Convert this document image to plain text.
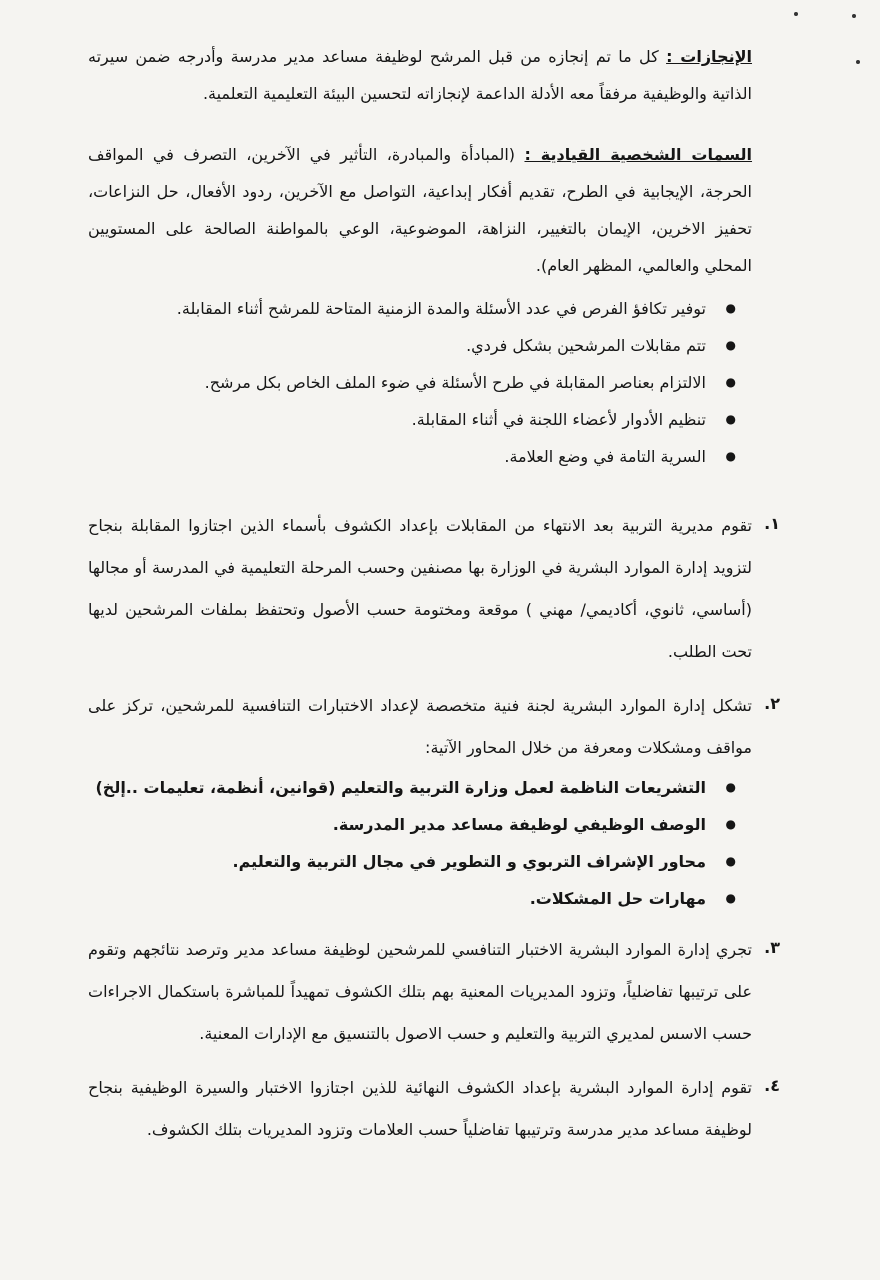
الإنجازات : كل ما تم إنجازه من قبل المرشح لوظيفة مساعد مدير مدرسة وأدرجه ضمن سيرته الذاتية والوظيفية مرفقاً معه الأدلة الداعمة لإنجازاته لتحسين البيئة التعليمية التعلمية.

السمات الشخصية القيادية : (المبادأة والمبادرة، التأثير في الآخرين، التصرف في المواقف الحرجة، الإيجابية في الطرح، تقديم أفكار إبداعية، التواصل مع الآخرين، ردود الأفعال، حل النزاعات، تحفيز الاخرين، الإيمان بالتغيير، النزاهة، الموضوعية، الوعي بالمواطنة الصالحة على المستويين المحلي والعالمي، المظهر العام).

● توفير تكافؤ الفرص في عدد الأسئلة والمدة الزمنية المتاحة للمرشح أثناء المقابلة.
● تتم مقابلات المرشحين بشكل فردي.
● الالتزام بعناصر المقابلة في طرح الأسئلة في ضوء الملف الخاص بكل مرشح.
● تنظيم الأدوار لأعضاء اللجنة في أثناء المقابلة.
● السرية التامة في وضع العلامة.
١.
تقوم مديرية التربية بعد الانتهاء من المقابلات بإعداد الكشوف بأسماء الذين اجتازوا المقابلة بنجاح لتزويد إدارة الموارد البشرية في الوزارة بها مصنفين وحسب المرحلة التعليمية في المدرسة أو مجالها (أساسي، ثانوي، أكاديمي/ مهني ) موقعة ومختومة حسب الأصول وتحتفظ بملفات المرشحين لديها تحت الطلب.
٢.
تشكل إدارة الموارد البشرية لجنة فنية متخصصة لإعداد الاختبارات التنافسية للمرشحين، تركز على مواقف ومشكلات ومعرفة من خلال المحاور الآتية:
● التشريعات الناظمة لعمل وزارة التربية والتعليم (قوانين، أنظمة، تعليمات ..إلخ)
● الوصف الوظيفي لوظيفة مساعد مدير المدرسة.
● محاور الإشراف التربوي و التطوير في مجال التربية والتعليم.
● مهارات حل المشكلات.
٣.
تجري إدارة الموارد البشرية الاختبار التنافسي للمرشحين لوظيفة مساعد مدير وترصد نتائجهم وتقوم على ترتيبها تفاضلياً، وتزود المديريات المعنية بهم بتلك الكشوف تمهيداً للمباشرة باستكمال الاجراءات حسب الاسس لمديري التربية والتعليم و حسب الاصول بالتنسيق مع الإدارات المعنية.
٤.
تقوم إدارة الموارد البشرية بإعداد الكشوف النهائية للذين اجتازوا الاختبار والسيرة الوظيفية بنجاح لوظيفة مساعد مدير مدرسة وترتيبها تفاضلياً حسب العلامات وتزود المديريات بتلك الكشوف.
